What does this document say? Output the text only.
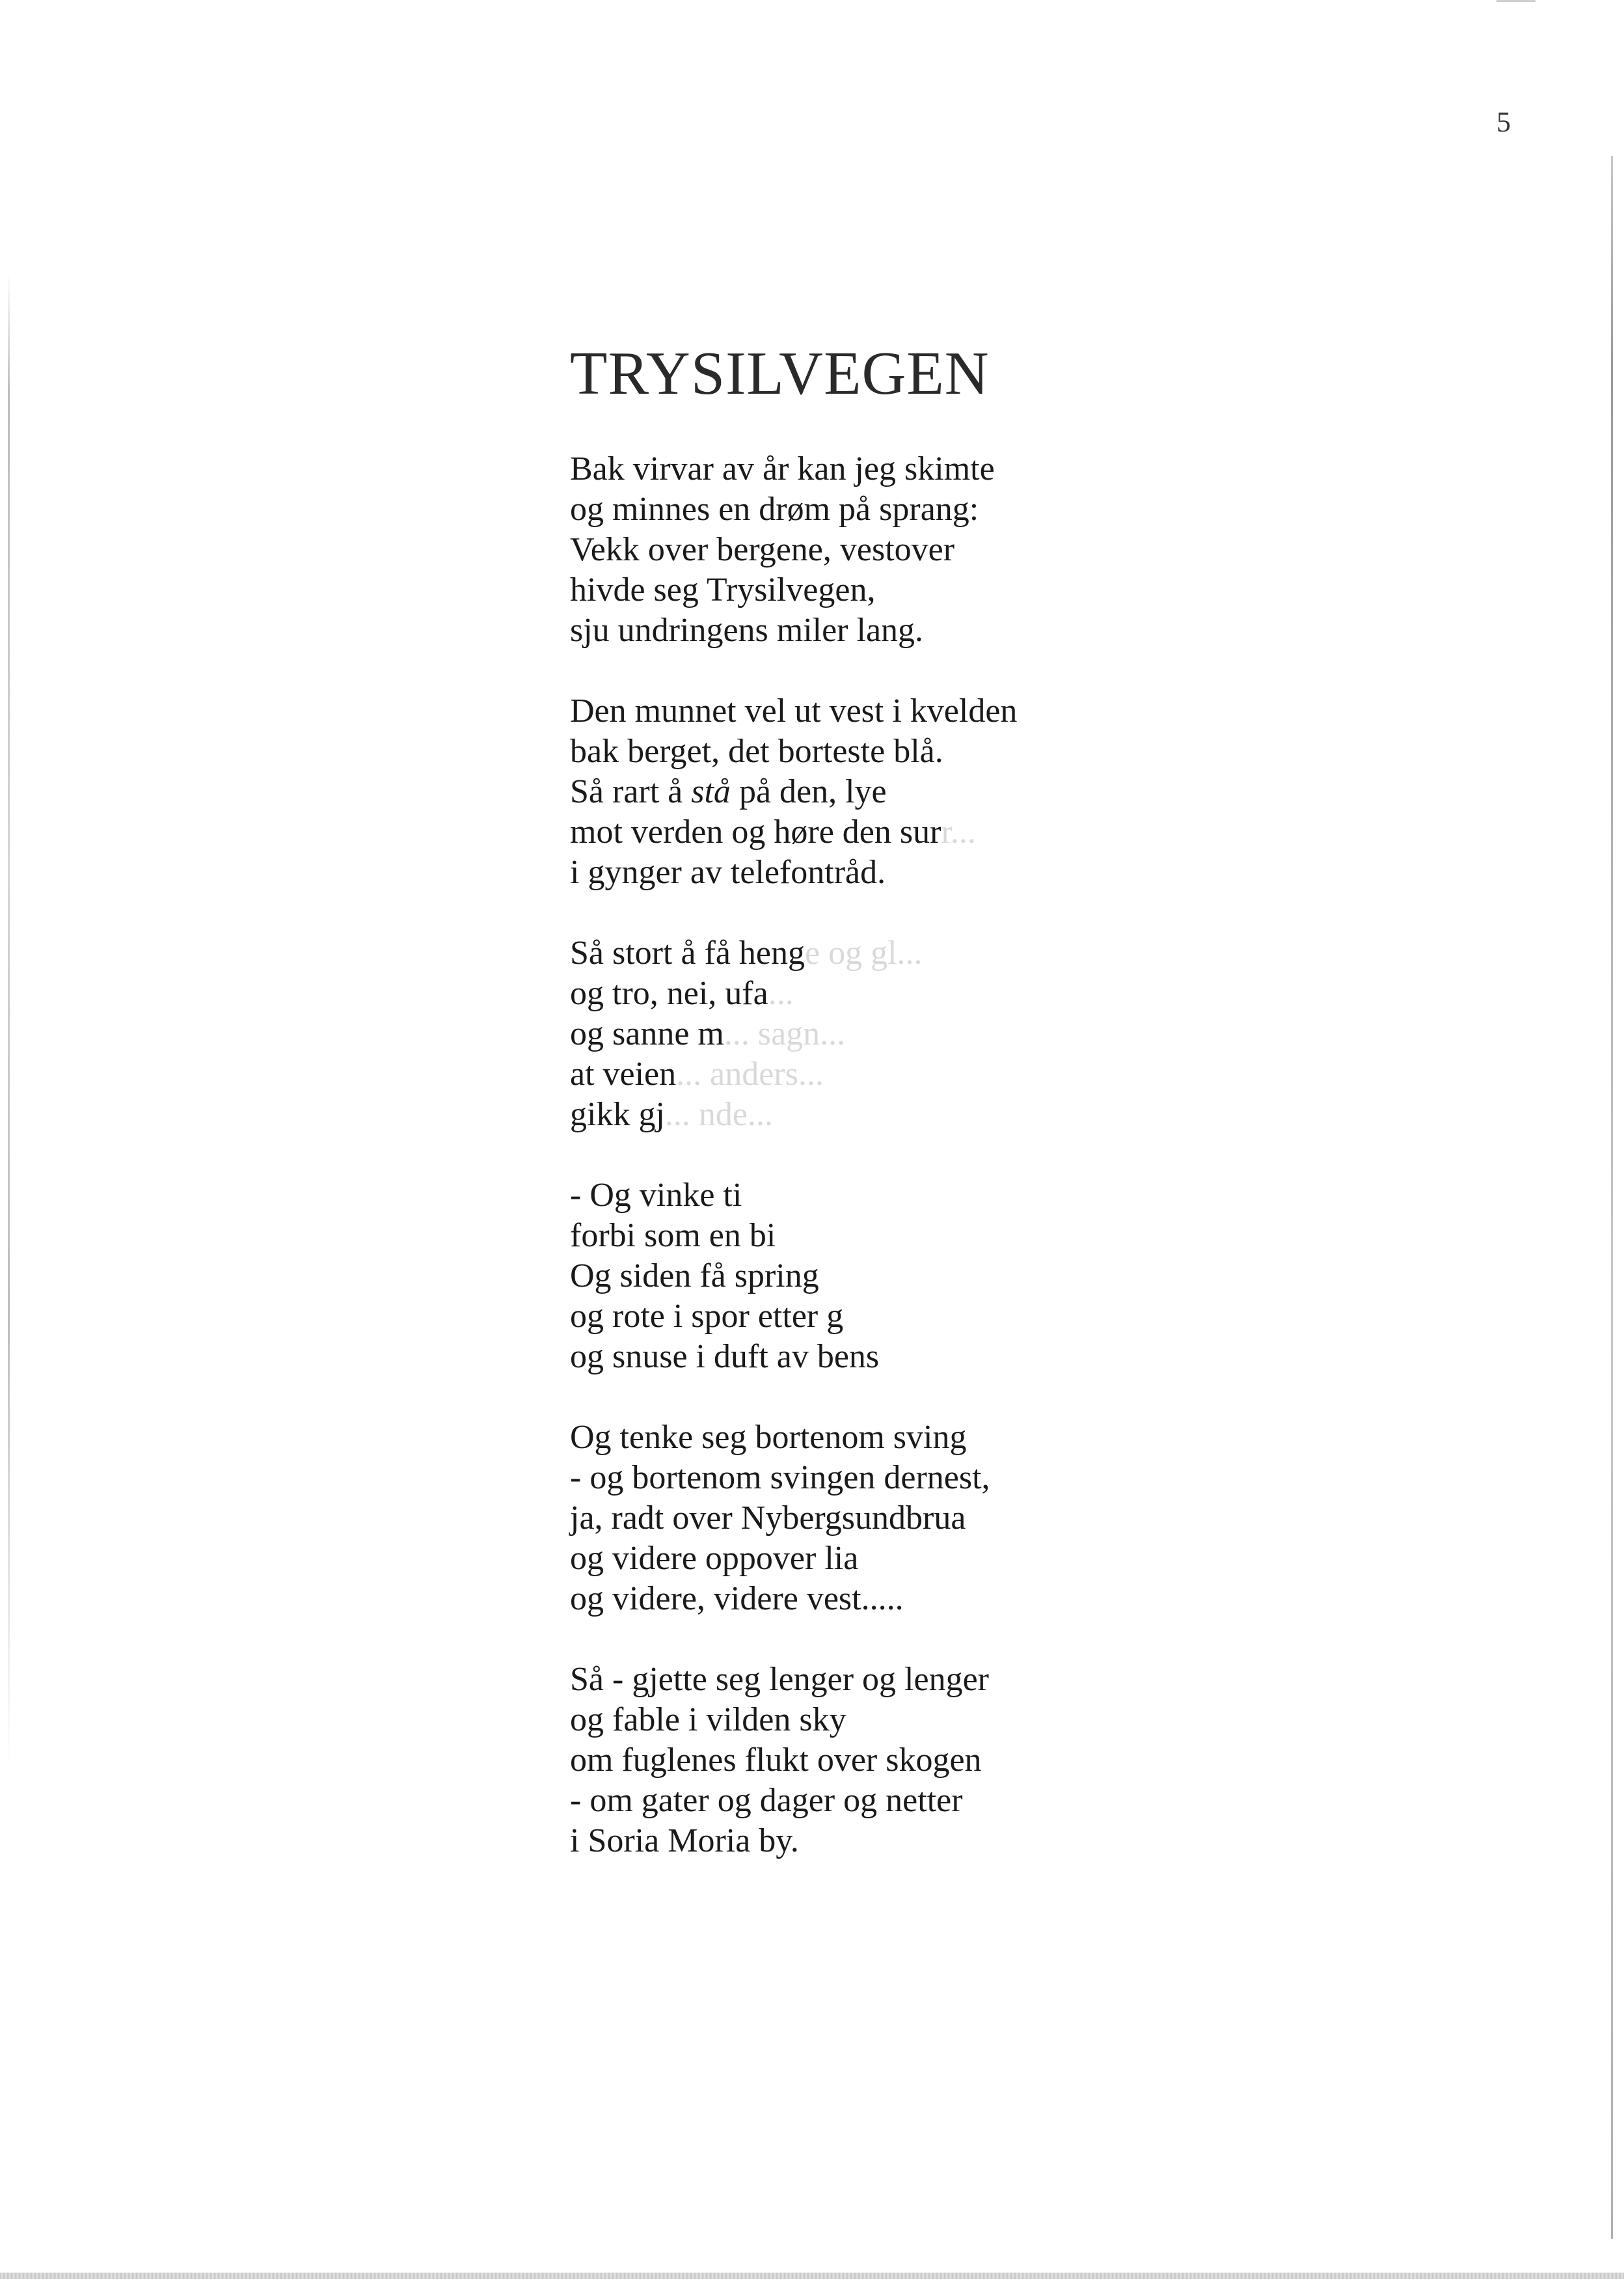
5
TRYSILVEGEN
Bak virvar av år kan jeg skimte
og minnes en drøm på sprang:
Vekk over bergene, vestover
hivde seg Trysilvegen,
sju undringens miler lang.
Den munnet vel ut vest i kvelden
bak berget, det borteste blå.
Så rart å stå på den, lye
mot verden og høre den surr...
i gynger av telefontråd.
Så stort å få henge og gl...
og tro, nei, ufa...
og sanne m... sagn...
at veien... anders...
gikk gj... nde...
- Og vinke ti
forbi som en bi
Og siden få spring
og rote i spor etter g
og snuse i duft av bens
Og tenke seg bortenom sving
- og bortenom svingen dernest,
ja, radt over Nybergsundbrua
og videre oppover lia
og videre, videre vest.....
Så - gjette seg lenger og lenger
og fable i vilden sky
om fuglenes flukt over skogen
- om gater og dager og netter
i Soria Moria by.
